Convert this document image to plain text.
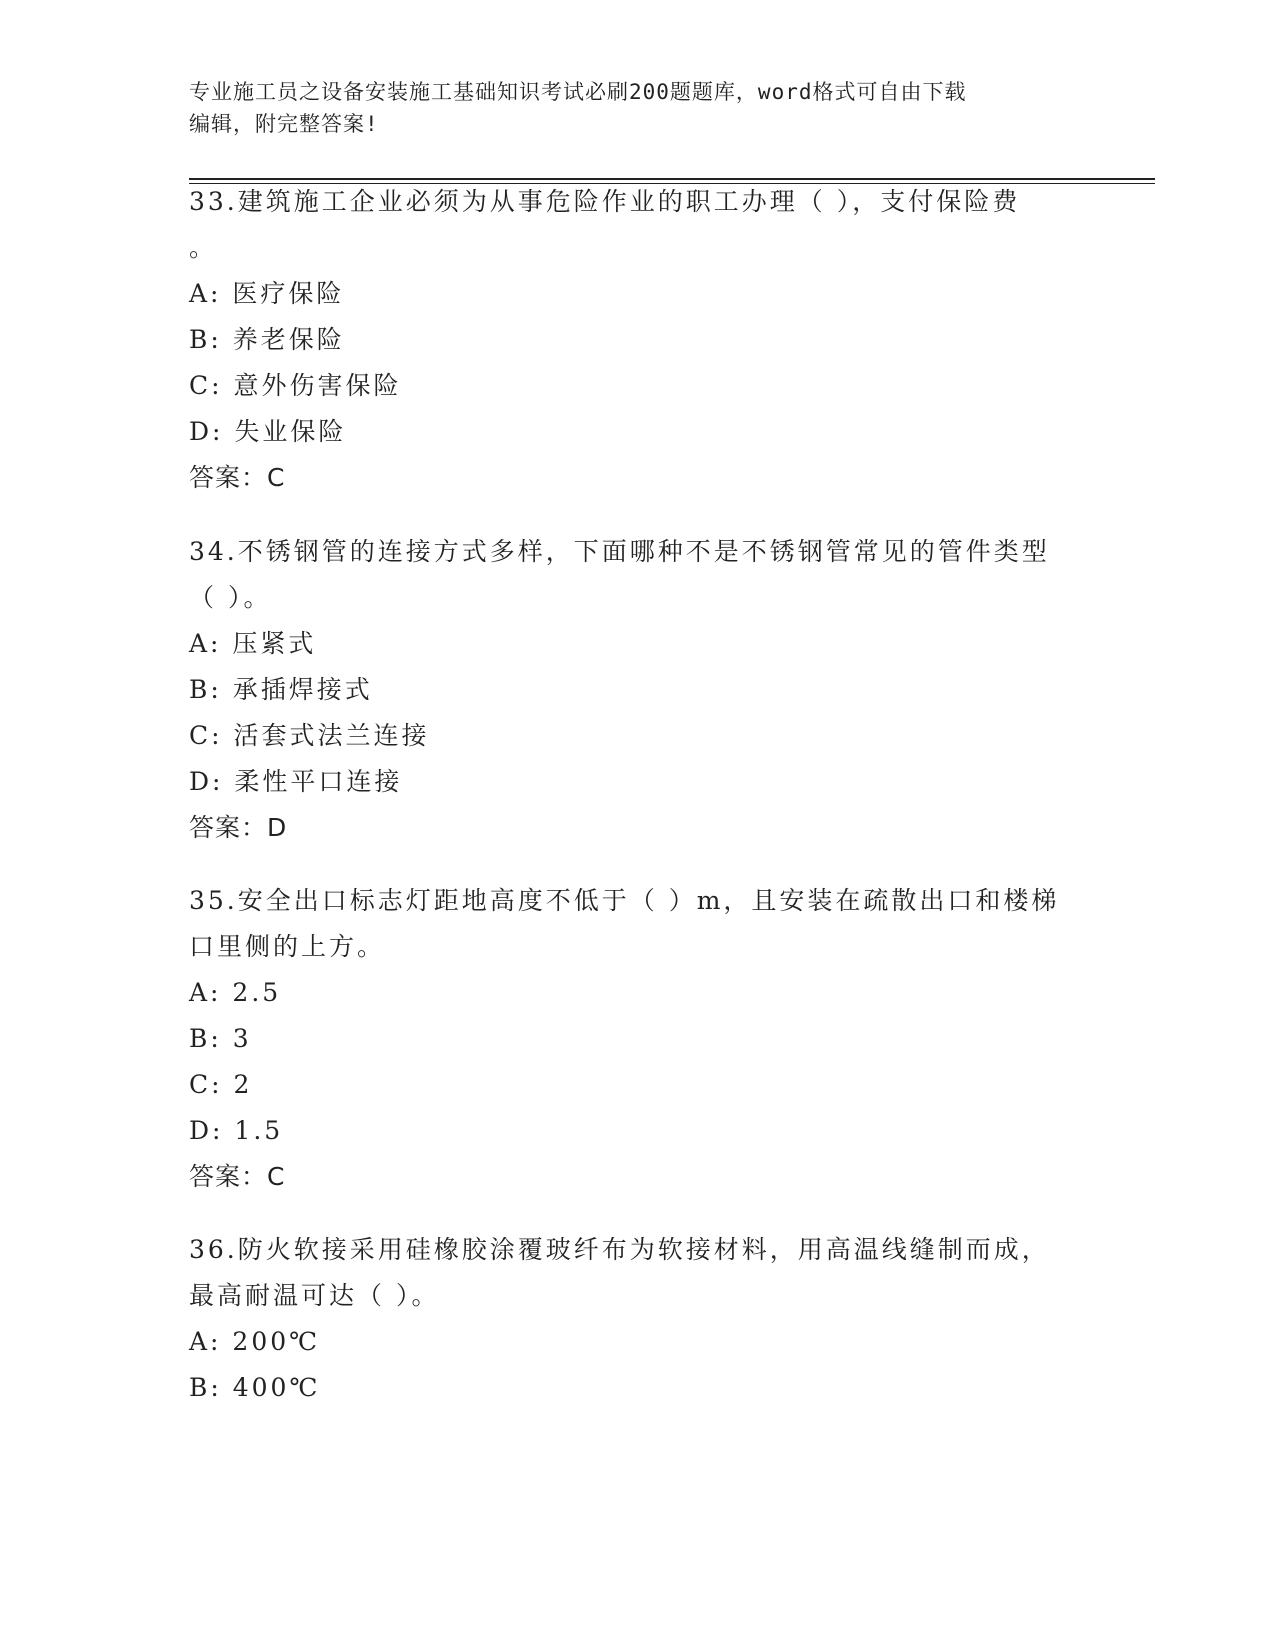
专业施工员之设备安装施工基础知识考试必刷200题题库，word格式可自由下载
编辑，附完整答案!

33.建筑施工企业必须为从事危险作业的职工办理（ ），支付保险费

。

A: 医疗保险

B: 养老保险

C: 意外伤害保险

D: 失业保险

答案：C

34.不锈钢管的连接方式多样，下面哪种不是不锈钢管常见的管件类型

（ ）。

A: 压紧式

B: 承插焊接式

C: 活套式法兰连接

D: 柔性平口连接

答案：D

35.安全出口标志灯距地高度不低于（ ）m，且安装在疏散出口和楼梯

口里侧的上方。

A: 2.5

B: 3

C: 2

D: 1.5

答案：C

36.防火软接采用硅橡胶涂覆玻纤布为软接材料，用高温线缝制而成，

最高耐温可达（ ）。

A: 200℃

B: 400℃
